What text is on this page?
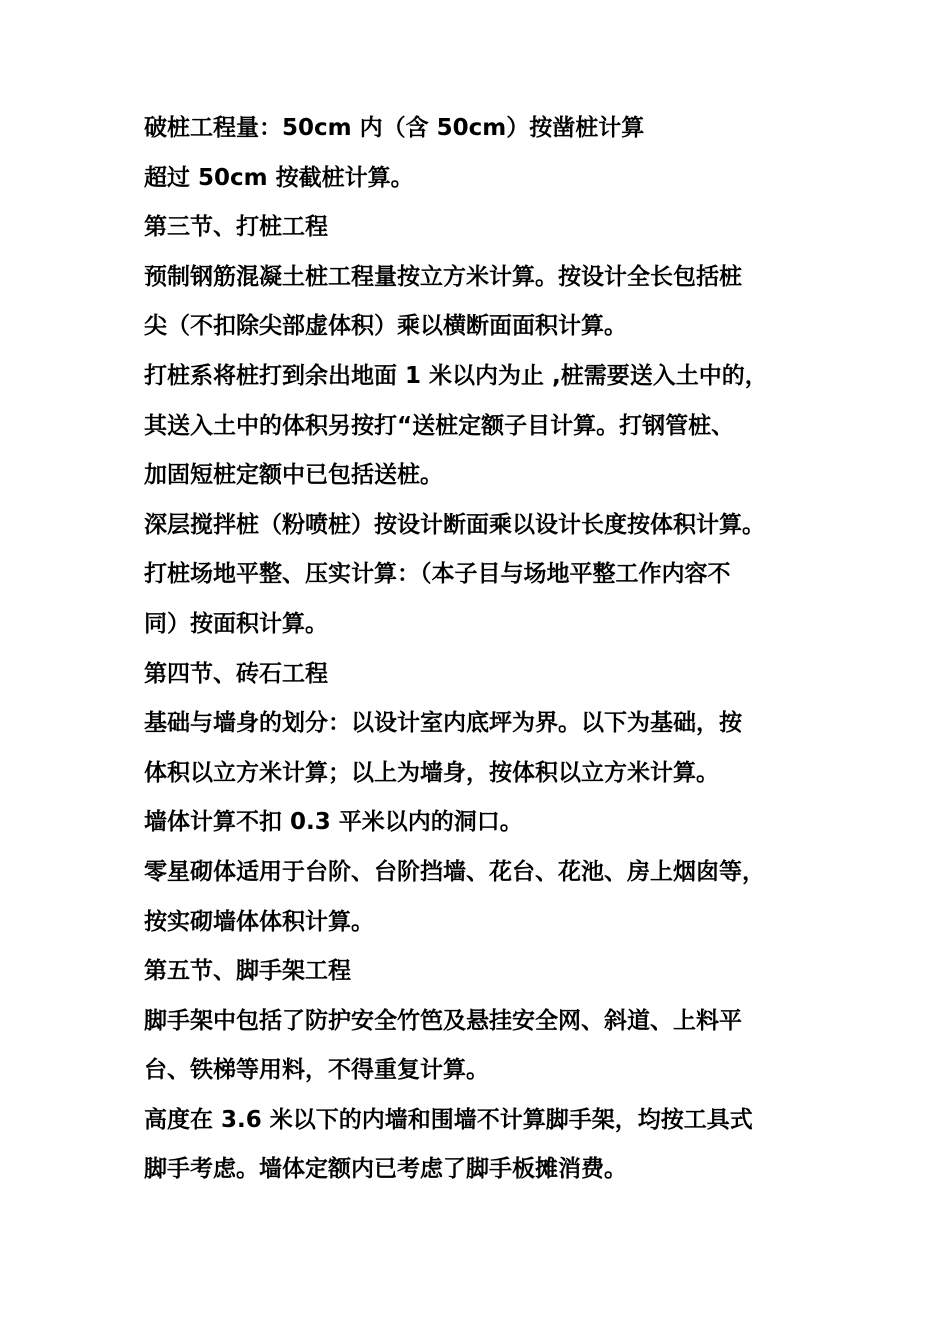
破桩工程量：50cm 内（含 50cm）按凿桩计算
超过 50cm 按截桩计算。
第三节、打桩工程
预制钢筋混凝土桩工程量按立方米计算。按设计全长包括桩
尖（不扣除尖部虚体积）乘以横断面面积计算。
打桩系将桩打到余出地面 1 米以内为止 ,桩需要送入土中的，
其送入土中的体积另按打“送桩定额子目计算。打钢管桩、
加固短桩定额中已包括送桩。
深层搅拌桩（粉喷桩）按设计断面乘以设计长度按体积计算。
打桩场地平整、压实计算：（本子目与场地平整工作内容不
同）按面积计算。
第四节、砖石工程
基础与墙身的划分：以设计室内底坪为界。以下为基础，按
体积以立方米计算；以上为墙身，按体积以立方米计算。
墙体计算不扣 0.3 平米以内的洞口。
零星砌体适用于台阶、台阶挡墙、花台、花池、房上烟囱等，
按实砌墙体体积计算。
第五节、脚手架工程
脚手架中包括了防护安全竹笆及悬挂安全网、斜道、上料平
台、铁梯等用料，不得重复计算。
高度在 3.6 米以下的内墙和围墙不计算脚手架，均按工具式
脚手考虑。墙体定额内已考虑了脚手板摊消费。
